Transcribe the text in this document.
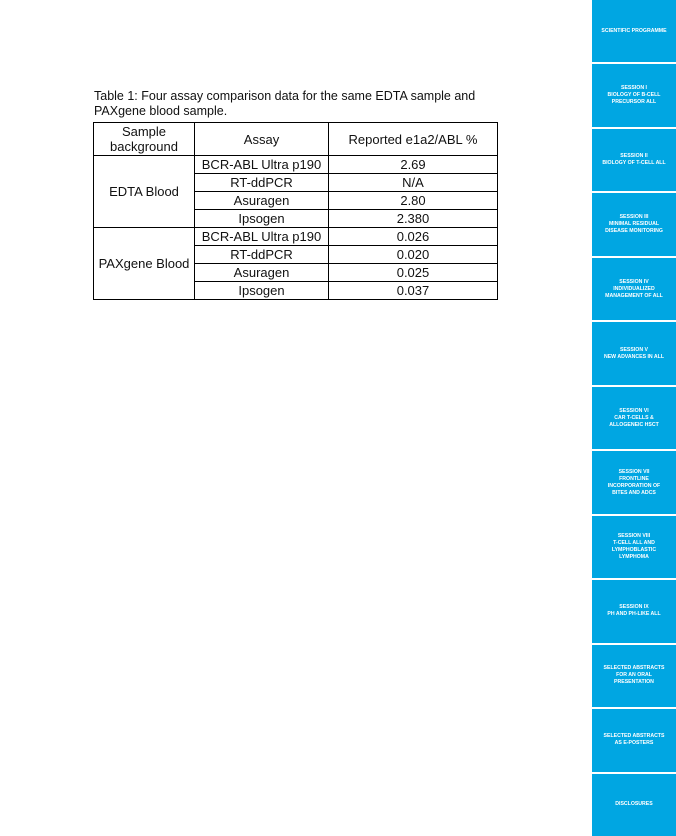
Table 1: Four assay comparison data for the same EDTA sample and PAXgene blood sample.
Sample background	Assay	Reported e1a2/ABL %
EDTA Blood	BCR-ABL Ultra p190	2.69
	RT-ddPCR	N/A
	Asuragen	2.80
	Ipsogen	2.380
PAXgene Blood	BCR-ABL Ultra p190	0.026
	RT-ddPCR	0.020
	Asuragen	0.025
	Ipsogen	0.037
SCIENTIFIC PROGRAMME
SESSION I
BIOLOGY OF B-CELL
PRECURSOR ALL
SESSION II
BIOLOGY OF T-CELL ALL
SESSION III
MINIMAL RESIDUAL
DISEASE MONITORING
SESSION IV
INDIVIDUALIZED
MANAGEMENT OF ALL
SESSION V
NEW ADVANCES IN ALL
SESSION VI
CAR T-CELLS &
ALLOGENEIC HSCT
SESSION VII
FRONTLINE
INCORPORATION OF
BITES AND ADCS
SESSION VIII
T-CELL ALL AND
LYMPHOBLASTIC
LYMPHOMA
SESSION IX
PH AND PH-LIKE ALL
SELECTED ABSTRACTS
FOR AN ORAL
PRESENTATION
SELECTED ABSTRACTS
AS E-POSTERS
DISCLOSURES
